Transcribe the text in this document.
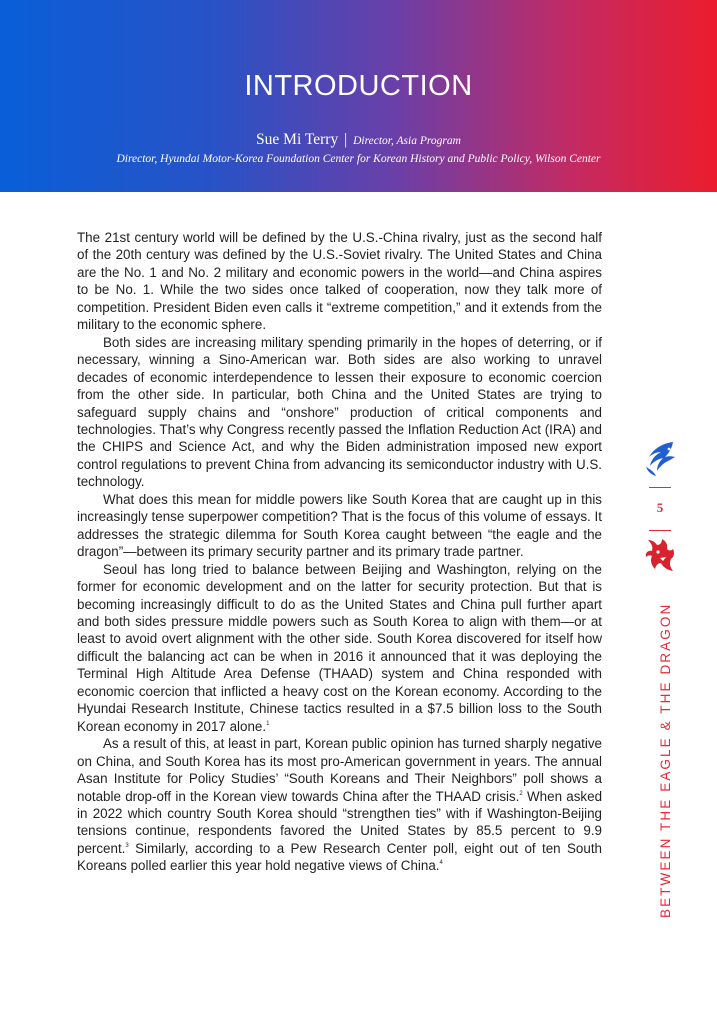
INTRODUCTION
Sue Mi Terry | Director, Asia Program
Director, Hyundai Motor-Korea Foundation Center for Korean History and Public Policy, Wilson Center

The 21st century world will be defined by the U.S.-China rivalry, just as the second half of the 20th century was defined by the U.S.-Soviet rivalry. The United States and China are the No. 1 and No. 2 military and economic powers in the world—and China aspires to be No. 1. While the two sides once talked of cooperation, now they talk more of competition. President Biden even calls it “extreme competition,” and it extends from the military to the economic sphere.

Both sides are increasing military spending primarily in the hopes of deterring, or if necessary, winning a Sino-American war. Both sides are also working to unravel decades of economic interdependence to lessen their exposure to economic coercion from the other side. In particular, both China and the United States are trying to safeguard supply chains and “onshore” production of critical components and technologies. That’s why Congress recently passed the Inflation Reduction Act (IRA) and the CHIPS and Science Act, and why the Biden administration imposed new export control regulations to prevent China from advancing its semiconductor industry with U.S. technology.

What does this mean for middle powers like South Korea that are caught up in this increasingly tense superpower competition? That is the focus of this volume of essays. It addresses the strategic dilemma for South Korea caught between “the eagle and the dragon”—between its primary security partner and its primary trade partner.

Seoul has long tried to balance between Beijing and Washington, relying on the former for economic development and on the latter for security protection. But that is becoming increasingly difficult to do as the United States and China pull further apart and both sides pressure middle powers such as South Korea to align with them—or at least to avoid overt alignment with the other side. South Korea discovered for itself how difficult the balancing act can be when in 2016 it announced that it was deploying the Terminal High Altitude Area Defense (THAAD) system and China responded with economic coercion that inflicted a heavy cost on the Korean economy. According to the Hyundai Research Institute, Chinese tactics resulted in a $7.5 billion loss to the South Korean economy in 2017 alone.$^1$

As a result of this, at least in part, Korean public opinion has turned sharply negative on China, and South Korea has its most pro-American government in years. The annual Asan Institute for Policy Studies’ “South Koreans and Their Neighbors” poll shows a notable drop-off in the Korean view towards China after the THAAD crisis.$^2$ When asked in 2022 which country South Korea should “strengthen ties” with if Washington-Beijing tensions continue, respondents favored the United States by 85.5 percent to 9.9 percent.$^3$ Similarly, according to a Pew Research Center poll, eight out of ten South Koreans polled earlier this year hold negative views of China.$^4$

5
BETWEEN THE EAGLE & THE DRAGON
